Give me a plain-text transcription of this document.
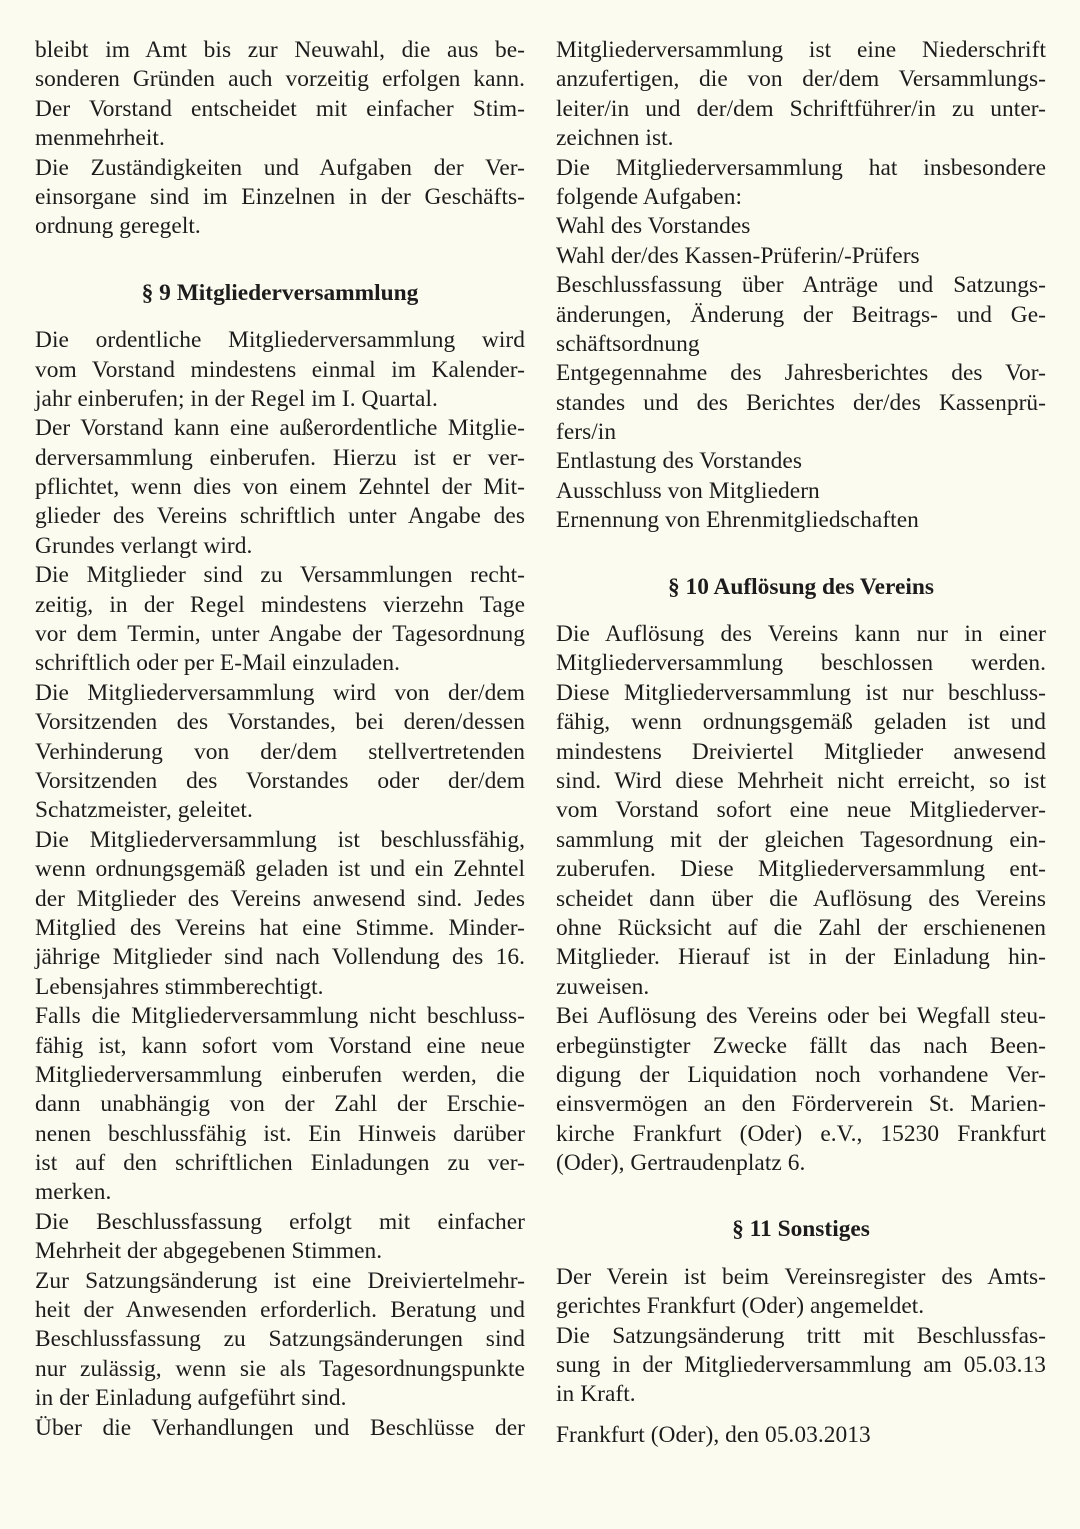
bleibt im Amt bis zur Neuwahl, die aus be-
sonderen Gründen auch vorzeitig erfolgen kann.
Der Vorstand entscheidet mit einfacher Stim-
menmehrheit.
Die Zuständigkeiten und Aufgaben der Ver-
einsorgane sind im Einzelnen in der Geschäfts-
ordnung geregelt.
§ 9 Mitgliederversammlung
Die ordentliche Mitgliederversammlung wird
vom Vorstand mindestens einmal im Kalender-
jahr einberufen; in der Regel im I. Quartal.
Der Vorstand kann eine außerordentliche Mitglie-
derversammlung einberufen. Hierzu ist er ver-
pflichtet, wenn dies von einem Zehntel der Mit-
glieder des Vereins schriftlich unter Angabe des
Grundes verlangt wird.
Die Mitglieder sind zu Versammlungen recht-
zeitig, in der Regel mindestens vierzehn Tage
vor dem Termin, unter Angabe der Tagesordnung
schriftlich oder per E-Mail einzuladen.
Die Mitgliederversammlung wird von der/dem
Vorsitzenden des Vorstandes, bei deren/dessen
Verhinderung von der/dem stellvertretenden
Vorsitzenden des Vorstandes oder der/dem
Schatzmeister, geleitet.
Die Mitgliederversammlung ist beschlussfähig,
wenn ordnungsgemäß geladen ist und ein Zehntel
der Mitglieder des Vereins anwesend sind. Jedes
Mitglied des Vereins hat eine Stimme. Minder-
jährige Mitglieder sind nach Vollendung des 16.
Lebensjahres stimmberechtigt.
Falls die Mitgliederversammlung nicht beschluss-
fähig ist, kann sofort vom Vorstand eine neue
Mitgliederversammlung einberufen werden, die
dann unabhängig von der Zahl der Erschie-
nenen beschlussfähig ist. Ein Hinweis darüber
ist auf den schriftlichen Einladungen zu ver-
merken.
Die Beschlussfassung erfolgt mit einfacher
Mehrheit der abgegebenen Stimmen.
Zur Satzungsänderung ist eine Dreiviertelmehr-
heit der Anwesenden erforderlich. Beratung und
Beschlussfassung zu Satzungsänderungen sind
nur zulässig, wenn sie als Tagesordnungspunkte
in der Einladung aufgeführt sind.
Über die Verhandlungen und Beschlüsse der
Mitgliederversammlung ist eine Niederschrift
anzufertigen, die von der/dem Versammlungs-
leiter/in und der/dem Schriftführer/in zu unter-
zeichnen ist.
Die Mitgliederversammlung hat insbesondere
folgende Aufgaben:
Wahl des Vorstandes
Wahl der/des Kassen-Prüferin/-Prüfers
Beschlussfassung über Anträge und Satzungs-
änderungen, Änderung der Beitrags- und Ge-
schäftsordnung
Entgegennahme des Jahresberichtes des Vor-
standes und des Berichtes der/des Kassenprü-
fers/in
Entlastung des Vorstandes
Ausschluss von Mitgliedern
Ernennung von Ehrenmitgliedschaften
§ 10 Auflösung des Vereins
Die Auflösung des Vereins kann nur in einer
Mitgliederversammlung beschlossen werden.
Diese Mitgliederversammlung ist nur beschluss-
fähig, wenn ordnungsgemäß geladen ist und
mindestens Dreiviertel Mitglieder anwesend
sind. Wird diese Mehrheit nicht erreicht, so ist
vom Vorstand sofort eine neue Mitgliederver-
sammlung mit der gleichen Tagesordnung ein-
zuberufen. Diese Mitgliederversammlung ent-
scheidet dann über die Auflösung des Vereins
ohne Rücksicht auf die Zahl der erschienenen
Mitglieder. Hierauf ist in der Einladung hin-
zuweisen.
Bei Auflösung des Vereins oder bei Wegfall steu-
erbegünstigter Zwecke fällt das nach Been-
digung der Liquidation noch vorhandene Ver-
einsvermögen an den Förderverein St. Marien-
kirche Frankfurt (Oder) e.V., 15230 Frankfurt
(Oder), Gertraudenplatz 6.
§ 11 Sonstiges
Der Verein ist beim Vereinsregister des Amts-
gerichtes Frankfurt (Oder) angemeldet.
Die Satzungsänderung tritt mit Beschlussfas-
sung in der Mitgliederversammlung am 05.03.13
in Kraft.
Frankfurt (Oder), den 05.03.2013
